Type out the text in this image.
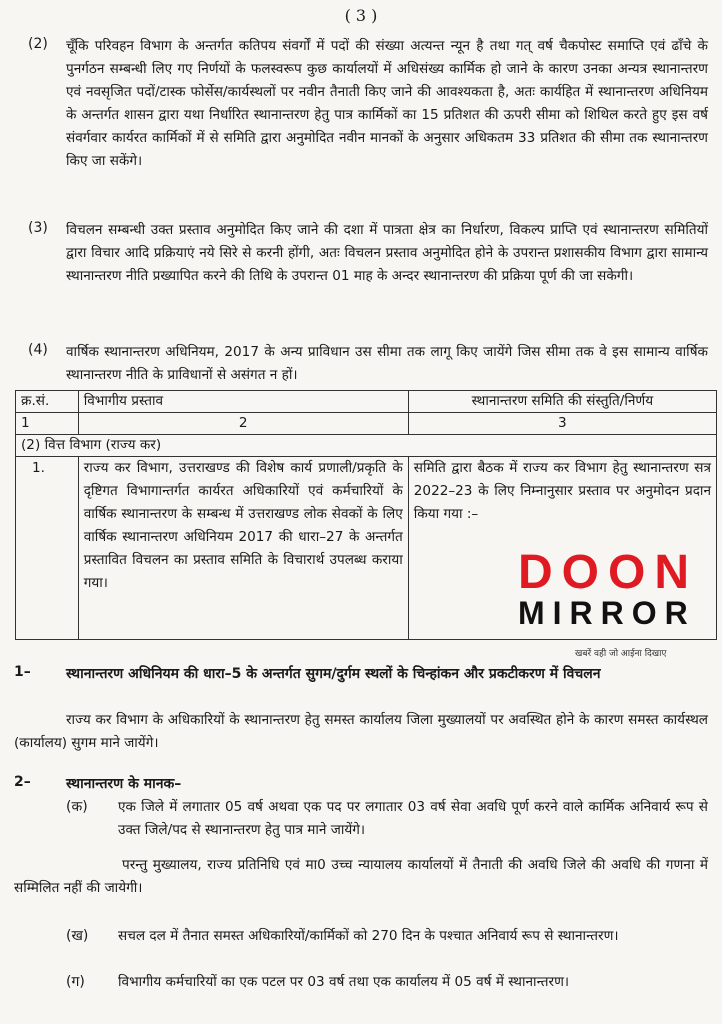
( 3 )
(2) चूँकि परिवहन विभाग के अन्तर्गत कतिपय संवर्गों में पदों की संख्या अत्यन्त न्यून है तथा गत् वर्ष चैकपोस्ट समाप्ति एवं ढाँचे के पुनर्गठन सम्बन्धी लिए गए निर्णयों के फलस्वरूप कुछ कार्यालयों में अधिसंख्य कार्मिक हो जाने के कारण उनका अन्यत्र स्थानान्तरण एवं नवसृजित पदों/टास्क फोर्सेस/कार्यस्थलों पर नवीन तैनाती किए जाने की आवश्यकता है, अतः कार्यहित में स्थानान्तरण अधिनियम के अन्तर्गत शासन द्वारा यथा निर्धारित स्थानान्तरण हेतु पात्र कार्मिकों का 15 प्रतिशत की ऊपरी सीमा को शिथिल करते हुए इस वर्ष संवर्गवार कार्यरत कार्मिकों में से समिति द्वारा अनुमोदित नवीन मानकों के अनुसार अधिकतम 33 प्रतिशत की सीमा तक स्थानान्तरण किए जा सकेंगे।
(3) विचलन सम्बन्धी उक्त प्रस्ताव अनुमोदित किए जाने की दशा में पात्रता क्षेत्र का निर्धारण, विकल्प प्राप्ति एवं स्थानान्तरण समितियों द्वारा विचार आदि प्रक्रियाएं नये सिरे से करनी होंगी, अतः विचलन प्रस्ताव अनुमोदित होने के उपरान्त प्रशासकीय विभाग द्वारा सामान्य स्थानान्तरण नीति प्रख्यापित करने की तिथि के उपरान्त 01 माह के अन्दर स्थानान्तरण की प्रक्रिया पूर्ण की जा सकेगी।
(4) वार्षिक स्थानान्तरण अधिनियम, 2017 के अन्य प्राविधान उस सीमा तक लागू किए जायेंगे जिस सीमा तक वे इस सामान्य वार्षिक स्थानान्तरण नीति के प्राविधानों से असंगत न हों।
क्र.सं.	विभागीय प्रस्ताव	स्थानान्तरण समिति की संस्तुति/निर्णय
1	2	3
(2) वित्त विभाग (राज्य कर)		
1.	राज्य कर विभाग, उत्तराखण्ड की विशेष कार्य प्रणाली/प्रकृति के दृष्टिगत विभागान्तर्गत कार्यरत अधिकारियों एवं कर्मचारियों के वार्षिक स्थानान्तरण के सम्बन्ध में उत्तराखण्ड लोक सेवकों के लिए वार्षिक स्थानान्तरण अधिनियम 2017 की धारा–27 के अन्तर्गत प्रस्तावित विचलन का प्रस्ताव समिति के विचारार्थ उपलब्ध कराया गया।	समिति द्वारा बैठक में राज्य कर विभाग हेतु स्थानान्तरण सत्र 2022–23 के लिए निम्नानुसार प्रस्ताव पर अनुमोदन प्रदान किया गया :–
DOON
MIRROR
खबरें वही जो आईना दिखाए
1–	स्थानान्तरण अधिनियम की धारा–5 के अन्तर्गत सुगम/दुर्गम स्थलों के चिन्हांकन और प्रकटीकरण में विचलन
राज्य कर विभाग के अधिकारियों के स्थानान्तरण हेतु समस्त कार्यालय जिला मुख्यालयों पर अवस्थित होने के कारण समस्त कार्यस्थल (कार्यालय) सुगम माने जायेंगे।
2–	स्थानान्तरण के मानक–
(क) एक जिले में लगातार 05 वर्ष अथवा एक पद पर लगातार 03 वर्ष सेवा अवधि पूर्ण करने वाले कार्मिक अनिवार्य रूप से उक्त जिले/पद से स्थानान्तरण हेतु पात्र माने जायेंगे।
परन्तु मुख्यालय, राज्य प्रतिनिधि एवं मा0 उच्च न्यायालय कार्यालयों में तैनाती की अवधि जिले की अवधि की गणना में सम्मिलित नहीं की जायेगी।
(ख) सचल दल में तैनात समस्त अधिकारियों/कार्मिकों को 270 दिन के पश्चात अनिवार्य रूप से स्थानान्तरण।
(ग) विभागीय कर्मचारियों का एक पटल पर 03 वर्ष तथा एक कार्यालय में 05 वर्ष में स्थानान्तरण।
